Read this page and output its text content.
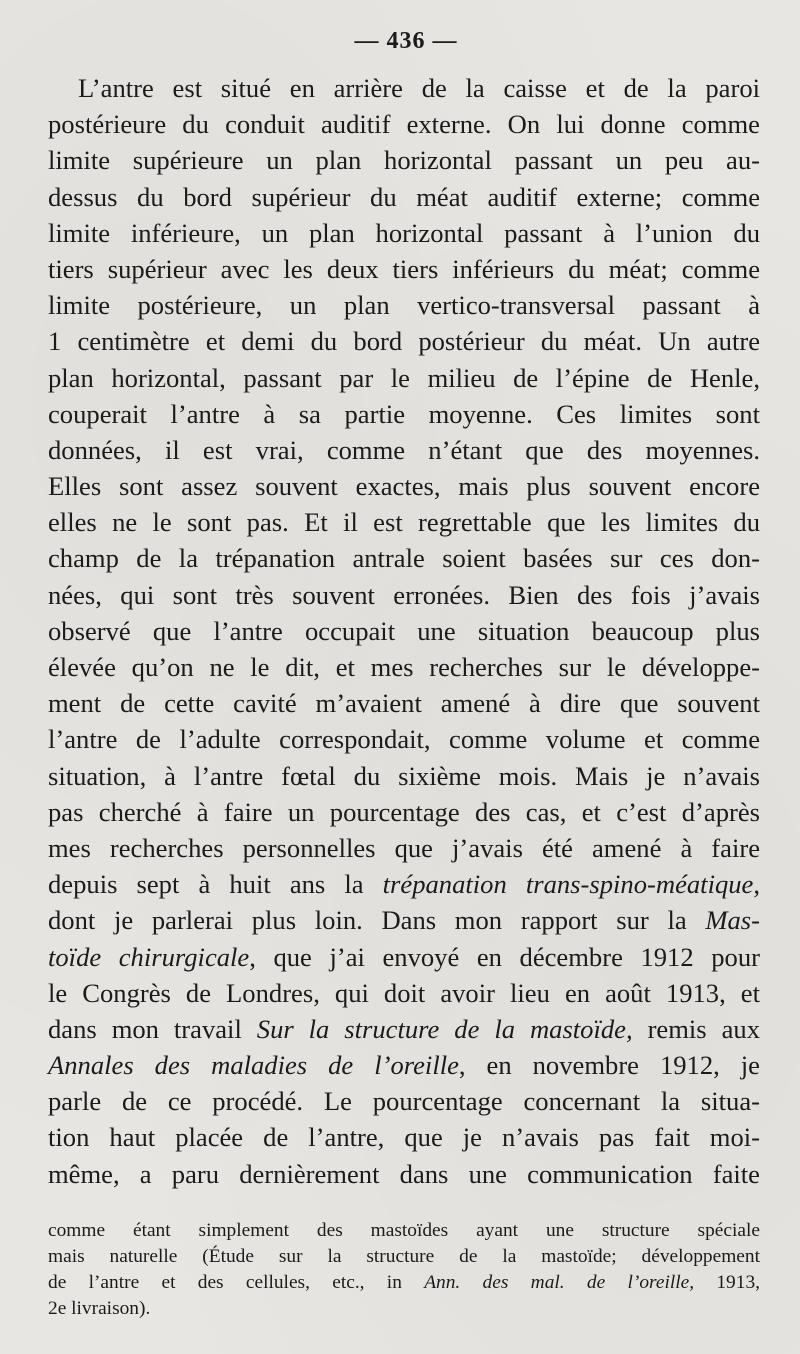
— 436 —
L’antre est situé en arrière de la caisse et de la paroi
postérieure du conduit auditif externe. On lui donne comme
limite supérieure un plan horizontal passant un peu au-
dessus du bord supérieur du méat auditif externe; comme
limite inférieure, un plan horizontal passant à l’union du
tiers supérieur avec les deux tiers inférieurs du méat; comme
limite postérieure, un plan vertico-transversal passant à
1 centimètre et demi du bord postérieur du méat. Un autre
plan horizontal, passant par le milieu de l’épine de Henle,
couperait l’antre à sa partie moyenne. Ces limites sont
données, il est vrai, comme n’étant que des moyennes.
Elles sont assez souvent exactes, mais plus souvent encore
elles ne le sont pas. Et il est regrettable que les limites du
champ de la trépanation antrale soient basées sur ces don-
nées, qui sont très souvent erronées. Bien des fois j’avais
observé que l’antre occupait une situation beaucoup plus
élevée qu’on ne le dit, et mes recherches sur le développe-
ment de cette cavité m’avaient amené à dire que souvent
l’antre de l’adulte correspondait, comme volume et comme
situation, à l’antre fœtal du sixième mois. Mais je n’avais
pas cherché à faire un pourcentage des cas, et c’est d’après
mes recherches personnelles que j’avais été amené à faire
depuis sept à huit ans la trépanation trans-spino-méatique,
dont je parlerai plus loin. Dans mon rapport sur la Mas-
toïde chirurgicale, que j’ai envoyé en décembre 1912 pour
le Congrès de Londres, qui doit avoir lieu en août 1913, et
dans mon travail Sur la structure de la mastoïde, remis aux
Annales des maladies de l’oreille, en novembre 1912, je
parle de ce procédé. Le pourcentage concernant la situa-
tion haut placée de l’antre, que je n’avais pas fait moi-
même, a paru dernièrement dans une communication faite
comme étant simplement des mastoïdes ayant une structure spéciale
mais naturelle (Étude sur la structure de la mastoïde; développement
de l’antre et des cellules, etc., in Ann. des mal. de l’oreille, 1913,
2e livraison).
